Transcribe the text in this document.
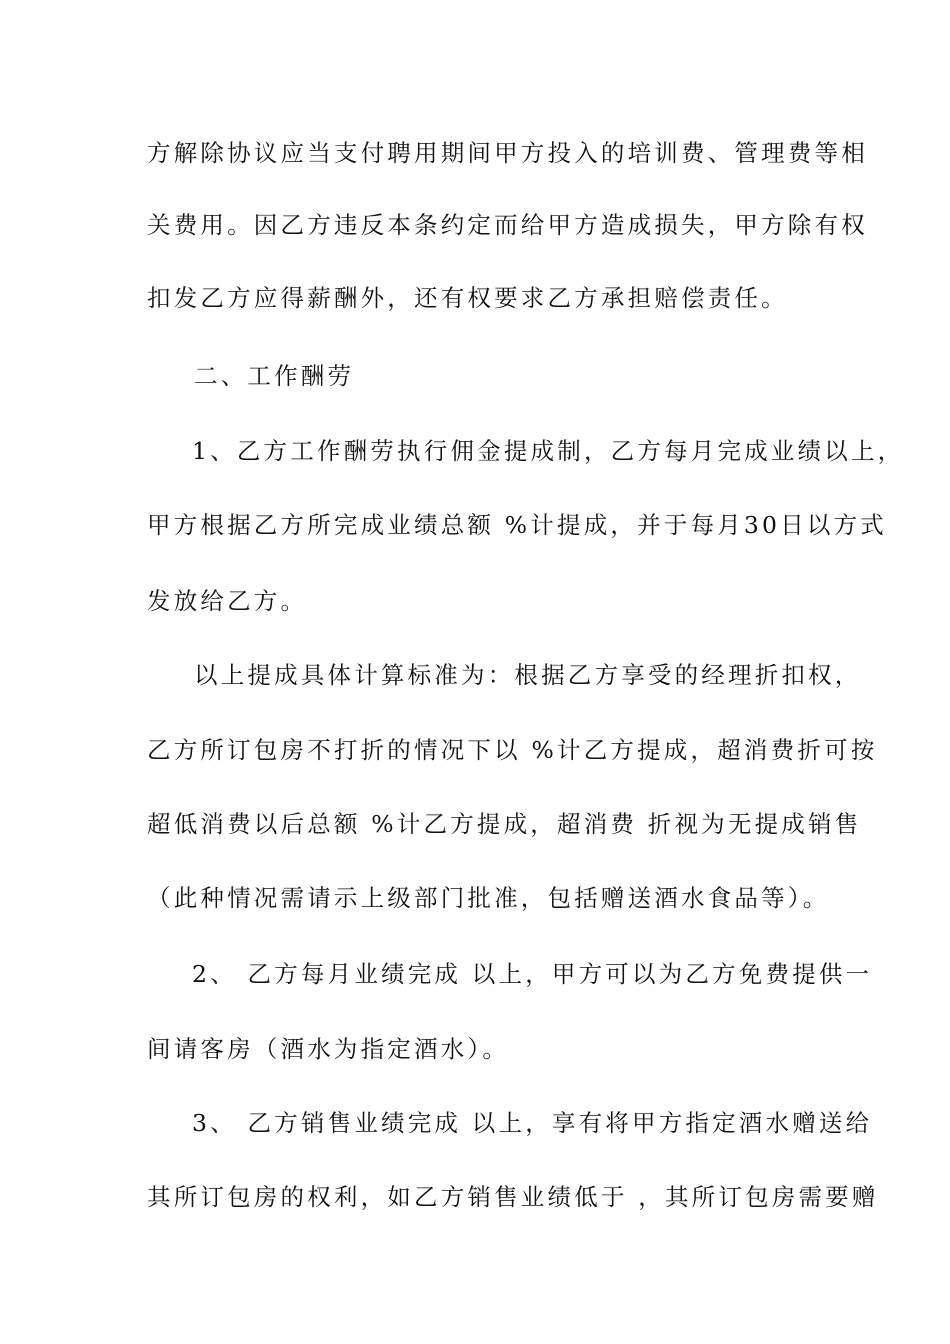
方解除协议应当支付聘用期间甲方投入的培训费、管理费等相
关费用。因乙方违反本条约定而给甲方造成损失，甲方除有权
扣发乙方应得薪酬外，还有权要求乙方承担赔偿责任。
二、工作酬劳
1、乙方工作酬劳执行佣金提成制，乙方每月完成业绩以上，
甲方根据乙方所完成业绩总额 %计提成，并于每月30日以方式
发放给乙方。
以上提成具体计算标准为：根据乙方享受的经理折扣权，
乙方所订包房不打折的情况下以 %计乙方提成，超消费折可按
超低消费以后总额 %计乙方提成，超消费 折视为无提成销售
（此种情况需请示上级部门批准，包括赠送酒水食品等）。
2、 乙方每月业绩完成 以上，甲方可以为乙方免费提供一
间请客房（酒水为指定酒水）。
3、 乙方销售业绩完成 以上，享有将甲方指定酒水赠送给
其所订包房的权利，如乙方销售业绩低于 ，其所订包房需要赠
